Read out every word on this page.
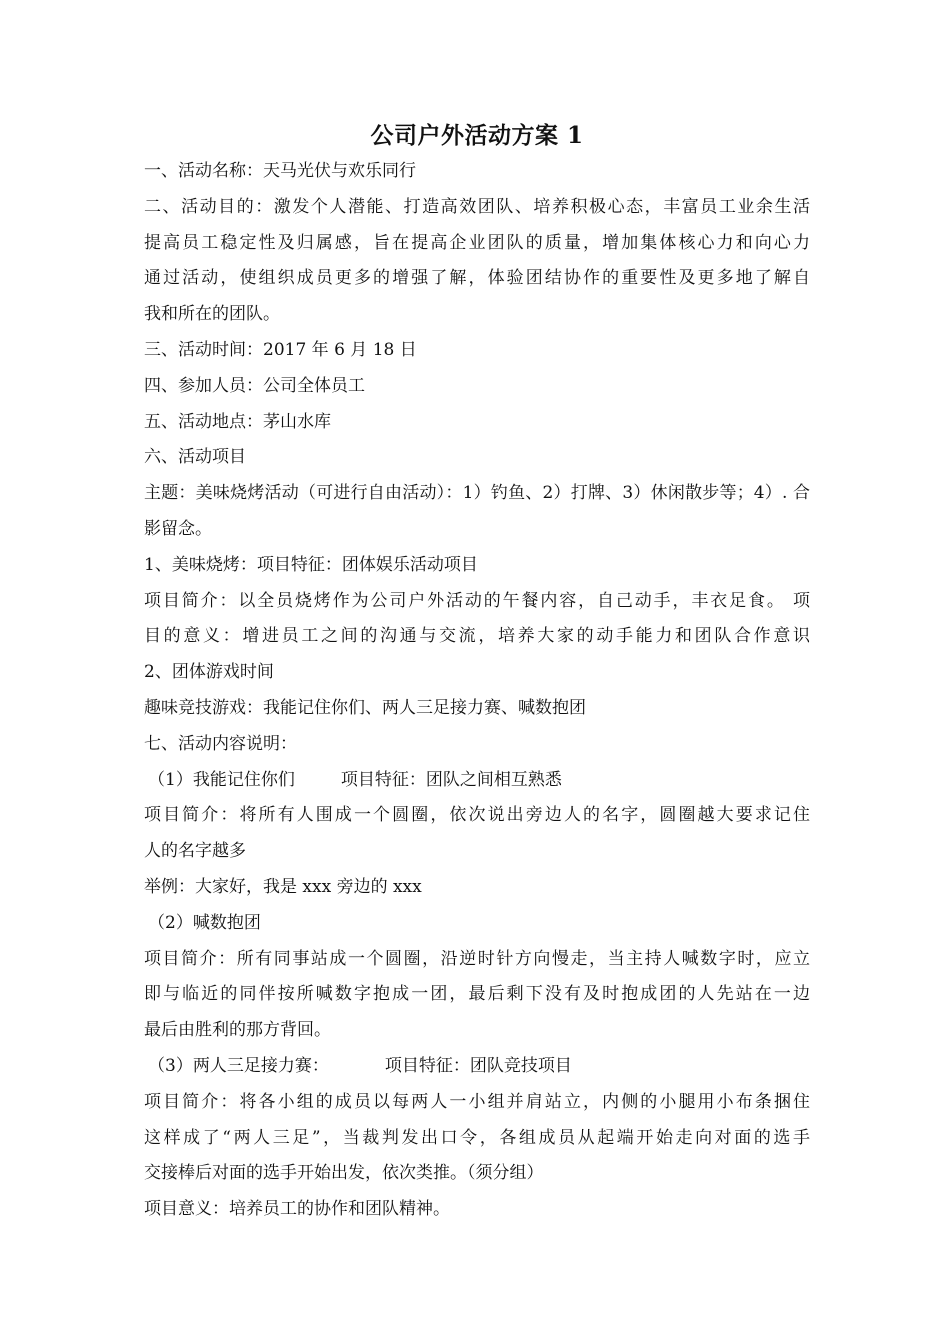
公司户外活动方案 1

一、活动名称：天马光伏与欢乐同行

二、活动目的：激发个人潜能、打造高效团队、培养积极心态，丰富员工业余生活

提高员工稳定性及归属感，旨在提高企业团队的质量，增加集体核心力和向心力

通过活动，使组织成员更多的增强了解，体验团结协作的重要性及更多地了解自

我和所在的团队。

三、活动时间：2017 年 6 月 18 日

四、参加人员：公司全体员工

五、活动地点：茅山水库

六、活动项目

主题：美味烧烤活动（可进行自由活动）：1）钓鱼、2）打牌、3）休闲散步等；4）. 合

影留念。

1、美味烧烤：项目特征：团体娱乐活动项目

项目简介：以全员烧烤作为公司户外活动的午餐内容，自己动手，丰衣足食。 项

目的意义：增进员工之间的沟通与交流，培养大家的动手能力和团队合作意识

2、团体游戏时间

趣味竞技游戏：我能记住你们、两人三足接力赛、喊数抱团

七、活动内容说明：

（1）我能记住你们	项目特征：团队之间相互熟悉

项目简介：将所有人围成一个圆圈，依次说出旁边人的名字，圆圈越大要求记住

人的名字越多

举例：大家好，我是 xxx 旁边的 xxx

（2）喊数抱团

项目简介：所有同事站成一个圆圈，沿逆时针方向慢走，当主持人喊数字时，应立

即与临近的同伴按所喊数字抱成一团，最后剩下没有及时抱成团的人先站在一边

最后由胜利的那方背回。

（3）两人三足接力赛：	项目特征：团队竞技项目

项目简介：将各小组的成员以每两人一小组并肩站立，内侧的小腿用小布条捆住

这样成了“两人三足”，当裁判发出口令，各组成员从起端开始走向对面的选手

交接棒后对面的选手开始出发，依次类推。（须分组）

项目意义：培养员工的协作和团队精神。
